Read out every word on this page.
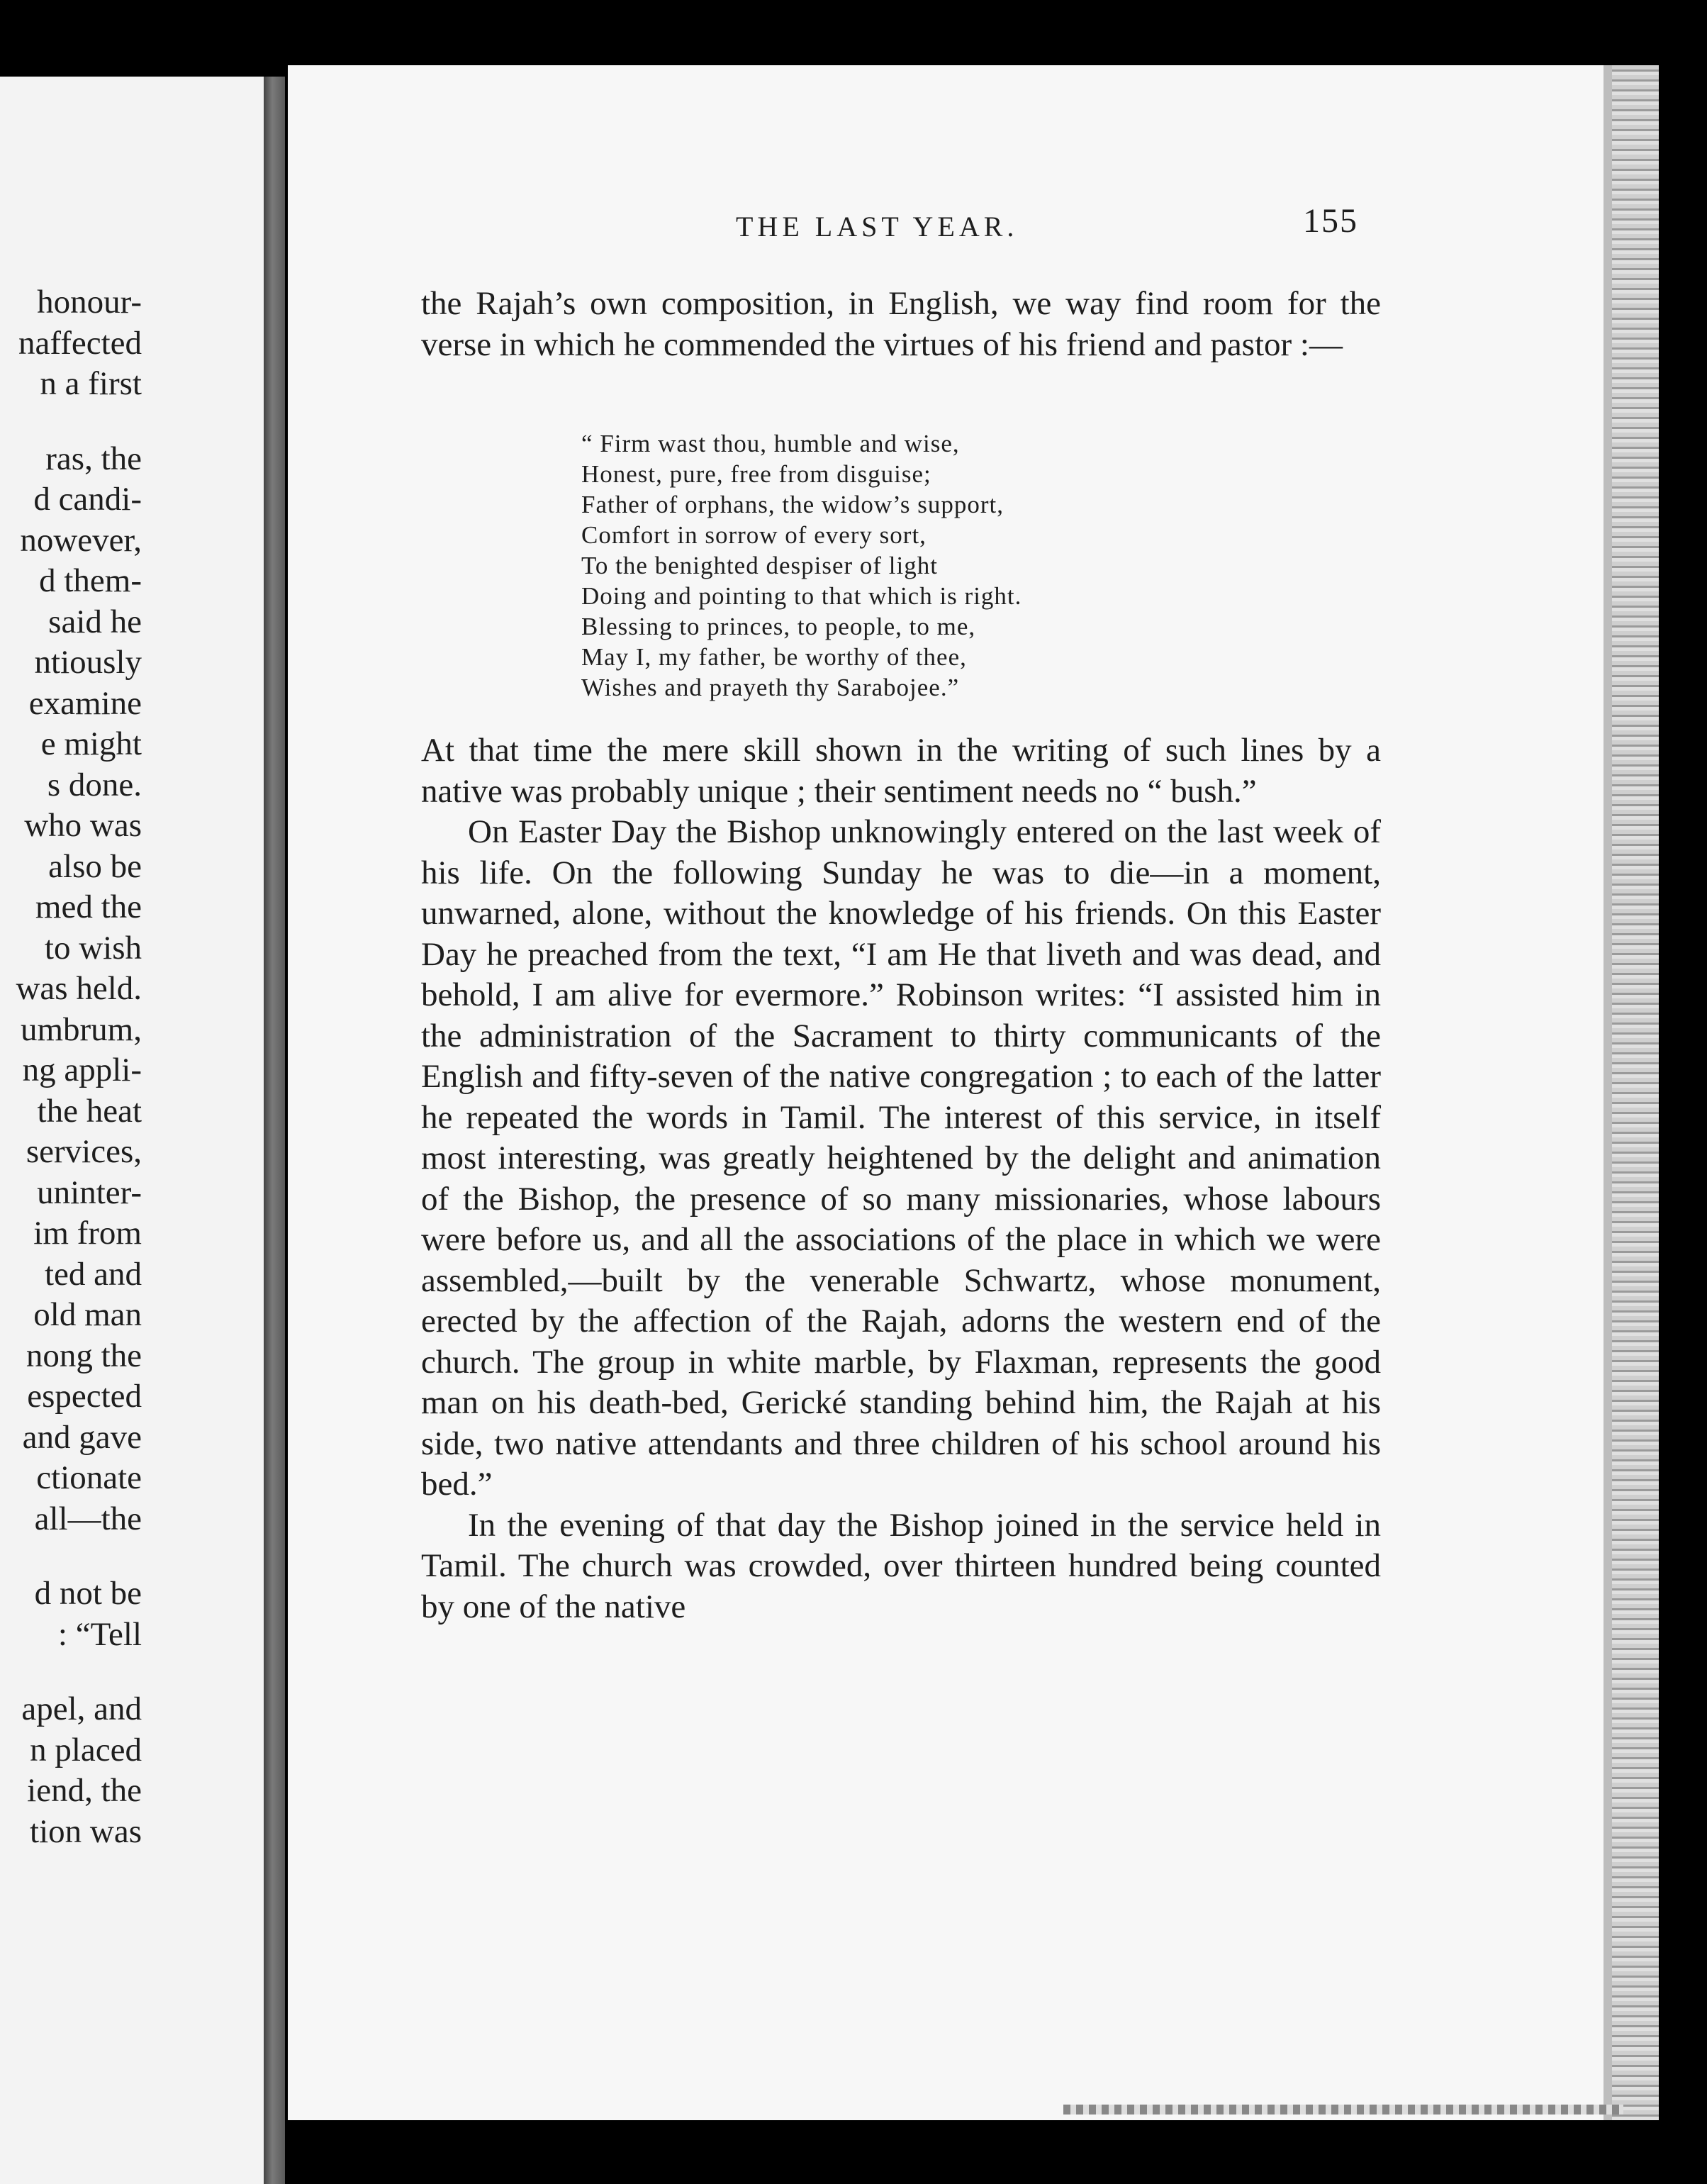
honour-
naffected
n a first
ras, the
d candi-
nowever,
d them-
said he
ntiously
examine
e might
s done.
who was
also be
med the
to wish
was held.
umbrum,
ng appli-
the heat
services,
uninter-
im from
ted and
old man
nong the
espected
and gave
ctionate
all—the
d not be
: “Tell
apel, and
n placed
iend, the
tion was
THE LAST YEAR.	155

the Rajah’s own composition, in English, we way find room for the verse in which he commended the virtues of his friend and pastor :—

“ Firm wast thou, humble and wise,
Honest, pure, free from disguise;
Father of orphans, the widow’s support,
Comfort in sorrow of every sort,
To the benighted despiser of light
Doing and pointing to that which is right.
Blessing to princes, to people, to me,
May I, my father, be worthy of thee,
Wishes and prayeth thy Sarabojee.”

At that time the mere skill shown in the writing of such lines by a native was probably unique ; their sentiment needs no “ bush.”

On Easter Day the Bishop unknowingly entered on the last week of his life. On the following Sunday he was to die—in a moment, unwarned, alone, without the knowledge of his friends. On this Easter Day he preached from the text, “I am He that liveth and was dead, and behold, I am alive for evermore.” Robinson writes: “I assisted him in the administration of the Sacrament to thirty communicants of the English and fifty-seven of the native congregation ; to each of the latter he repeated the words in Tamil. The interest of this service, in itself most interesting, was greatly heightened by the delight and animation of the Bishop, the presence of so many missionaries, whose labours were before us, and all the associations of the place in which we were assembled,—built by the venerable Schwartz, whose monument, erected by the affection of the Rajah, adorns the western end of the church. The group in white marble, by Flaxman, represents the good man on his death-bed, Gerické standing behind him, the Rajah at his side, two native attendants and three children of his school around his bed.”

In the evening of that day the Bishop joined in the service held in Tamil. The church was crowded, over thirteen hundred being counted by one of the native
